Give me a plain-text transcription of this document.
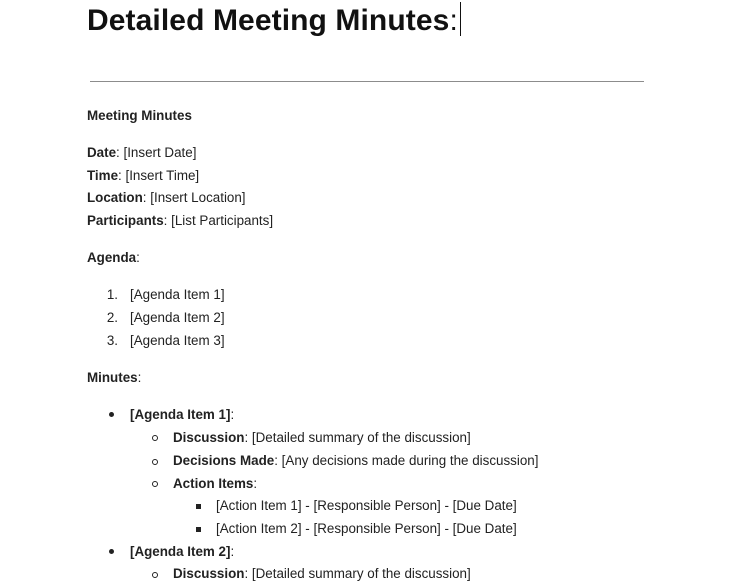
Detailed Meeting Minutes:
Meeting Minutes
Date: [Insert Date]
Time: [Insert Time]
Location: [Insert Location]
Participants: [List Participants]
Agenda:
1. [Agenda Item 1]
2. [Agenda Item 2]
3. [Agenda Item 3]
Minutes:
[Agenda Item 1]:
Discussion: [Detailed summary of the discussion]
Decisions Made: [Any decisions made during the discussion]
Action Items:
[Action Item 1] - [Responsible Person] - [Due Date]
[Action Item 2] - [Responsible Person] - [Due Date]
[Agenda Item 2]:
Discussion: [Detailed summary of the discussion]
